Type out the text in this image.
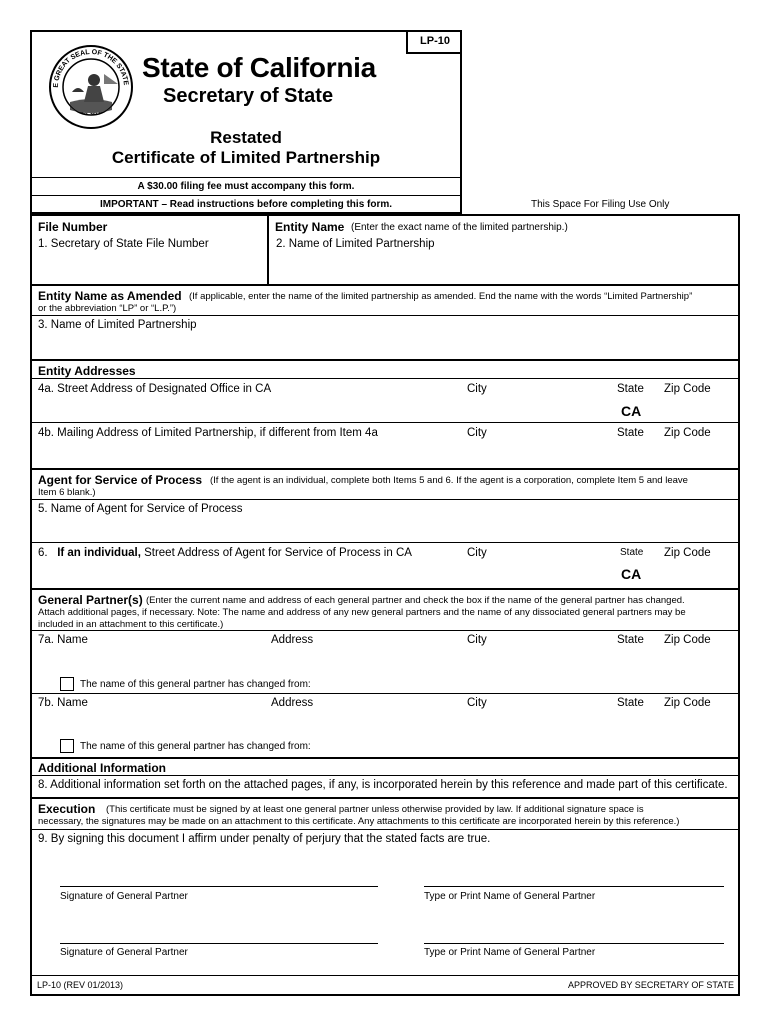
LP-10
E GREAT SEAL OF THE STATE State of California
Secretary of State
Restated
Certificate of Limited Partnership
A $30.00 filing fee must accompany this form.
IMPORTANT – Read instructions before completing this form.	This Space For Filing Use Only
File Number
1. Secretary of State File Number
Entity Name (Enter the exact name of the limited partnership.)
2. Name of Limited Partnership
Entity Name as Amended (If applicable, enter the name of the limited partnership as amended. End the name with the words “Limited Partnership”
or the abbreviation “LP” or “L.P.”)
3. Name of Limited Partnership
Entity Addresses
4a. Street Address of Designated Office in CA	City	State Zip Code
CA
4b. Mailing Address of Limited Partnership, if different from Item 4a	City	State Zip Code
Agent for Service of Process (If the agent is an individual, complete both Items 5 and 6. If the agent is a corporation, complete Item 5 and leave
Item 6 blank.)
5. Name of Agent for Service of Process
6. If an individual, Street Address of Agent for Service of Process in CA	City	State Zip Code
CA
General Partner(s) (Enter the current name and address of each general partner and check the box if the name of the general partner has changed.
Attach additional pages, if necessary. Note: The name and address of any new general partners and the name of any dissociated general partners may be
included in an attachment to this certificate.)
7a. Name	Address	City	State Zip Code
The name of this general partner has changed from:
7b. Name	Address	City	State Zip Code
The name of this general partner has changed from:
Additional Information
8. Additional information set forth on the attached pages, if any, is incorporated herein by this reference and made part of this certificate.
Execution (This certificate must be signed by at least one general partner unless otherwise provided by law. If additional signature space is
necessary, the signatures may be made on an attachment to this certificate. Any attachments to this certificate are incorporated herein by this reference.)
9. By signing this document I affirm under penalty of perjury that the stated facts are true.
Signature of General Partner	Type or Print Name of General Partner
Signature of General Partner	Type or Print Name of General Partner
LP-10 (REV 01/2013)	APPROVED BY SECRETARY OF STATE
